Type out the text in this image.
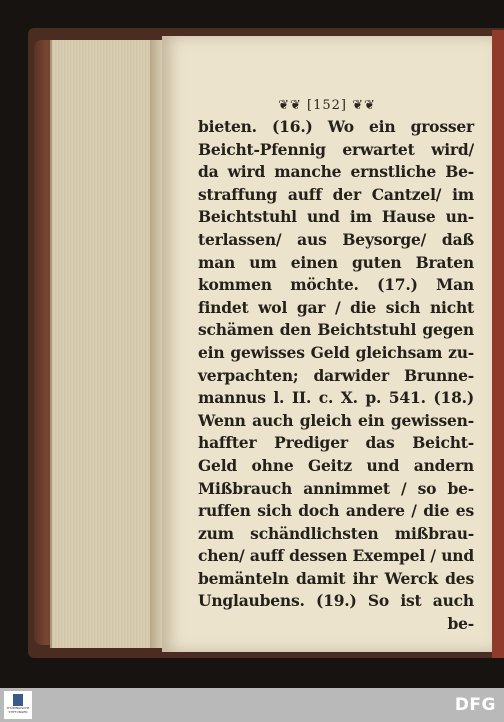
❦❦ [152] ❦❦
bieten. (16.) Wo ein grosser
Beicht-Pfennig erwartet wird/
da wird manche ernstliche Be-
straffung auff der Cantzel/ im
Beichtstuhl und im Hause un-
terlassen/ aus Beysorge/ daß
man um einen guten Braten
kommen möchte. (17.) Man
findet wol gar / die sich nicht
schämen den Beichtstuhl gegen
ein gewisses Geld gleichsam zu-
verpachten; darwider Brunne-
mannus l. II. c. X. p. 541. (18.)
Wenn auch gleich ein gewissen-
haffter Prediger das Beicht-
Geld ohne Geitz und andern
Mißbrauch annimmet / so be-
ruffen sich doch andere / die es
zum schändlichsten mißbrau-
chen/ auff dessen Exempel / und
bemänteln damit ihr Werck des
Unglaubens. (19.) So ist auch
be-
THÜRINGISCHE STIFTUNGEN	DFG
